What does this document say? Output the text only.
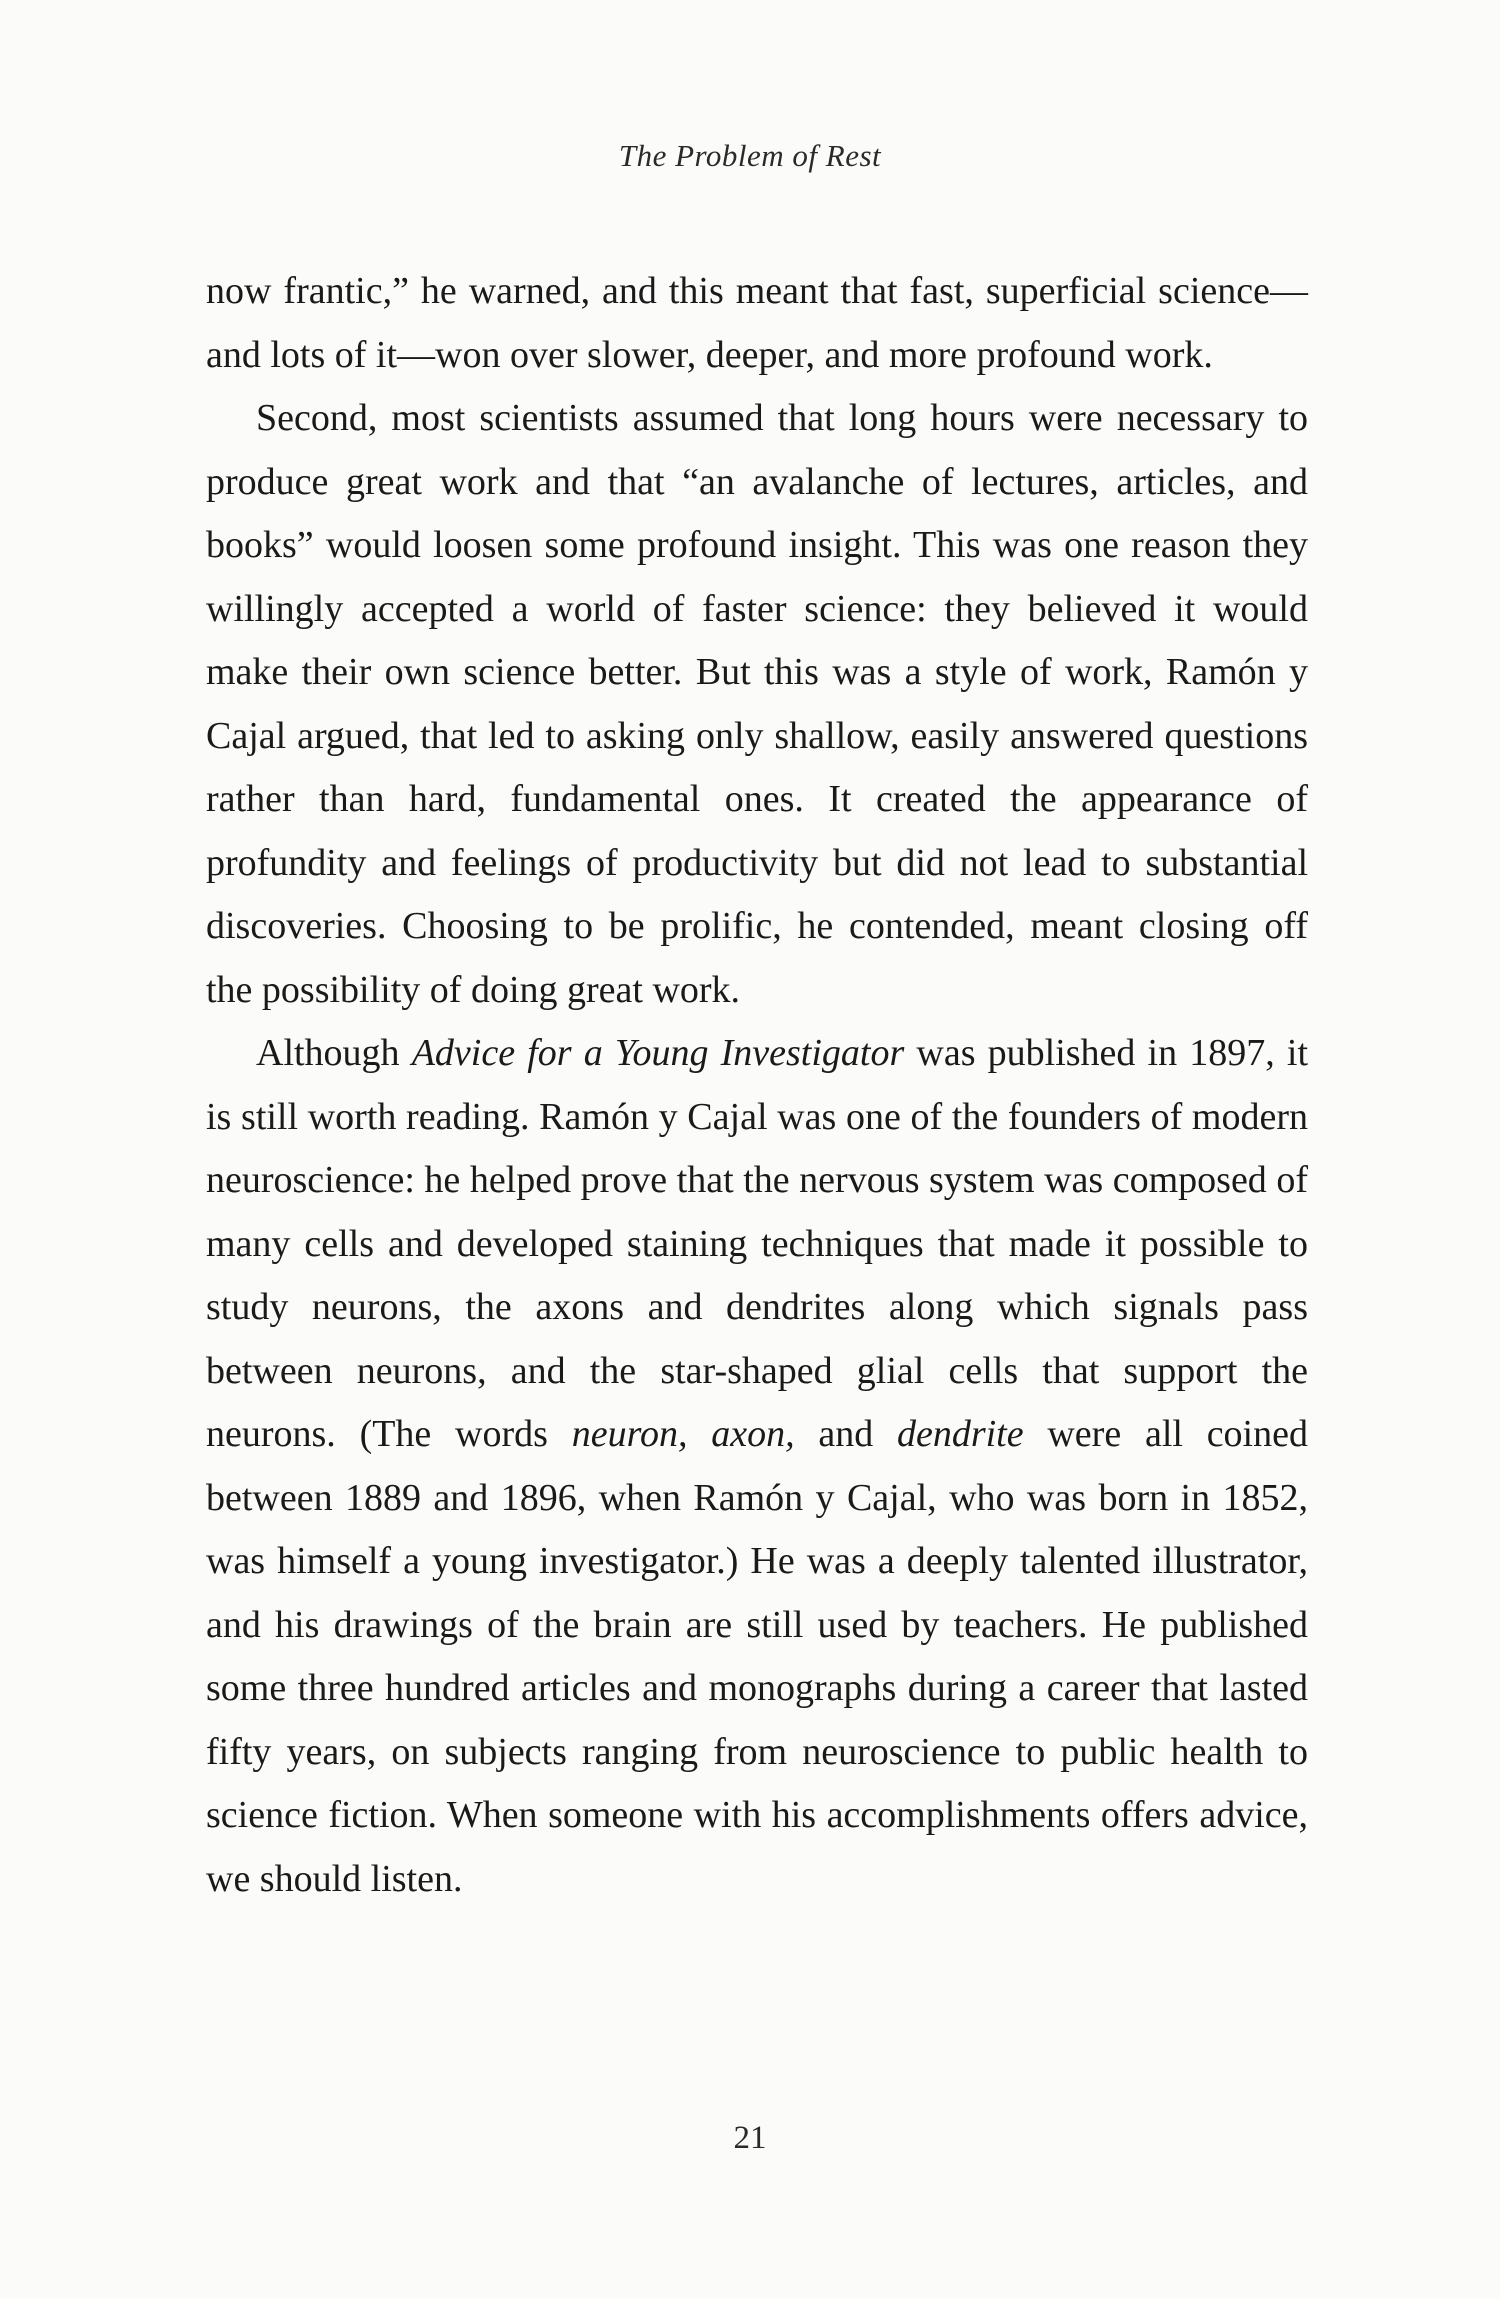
The Problem of Rest

now frantic,” he warned, and this meant that fast, superficial science—and lots of it—won over slower, deeper, and more profound work.

Second, most scientists assumed that long hours were necessary to produce great work and that “an avalanche of lectures, articles, and books” would loosen some profound insight. This was one reason they willingly accepted a world of faster science: they believed it would make their own science better. But this was a style of work, Ramón y Cajal argued, that led to asking only shallow, easily answered questions rather than hard, fundamental ones. It created the appearance of profundity and feelings of productivity but did not lead to substantial discoveries. Choosing to be prolific, he contended, meant closing off the possibility of doing great work.

Although Advice for a Young Investigator was published in 1897, it is still worth reading. Ramón y Cajal was one of the founders of modern neuroscience: he helped prove that the nervous system was composed of many cells and developed staining techniques that made it possible to study neurons, the axons and dendrites along which signals pass between neurons, and the star-shaped glial cells that support the neurons. (The words neuron, axon, and dendrite were all coined between 1889 and 1896, when Ramón y Cajal, who was born in 1852, was himself a young investigator.) He was a deeply talented illustrator, and his drawings of the brain are still used by teachers. He published some three hundred articles and monographs during a career that lasted fifty years, on subjects ranging from neuroscience to public health to science fiction. When someone with his accomplishments offers advice, we should listen.

21
